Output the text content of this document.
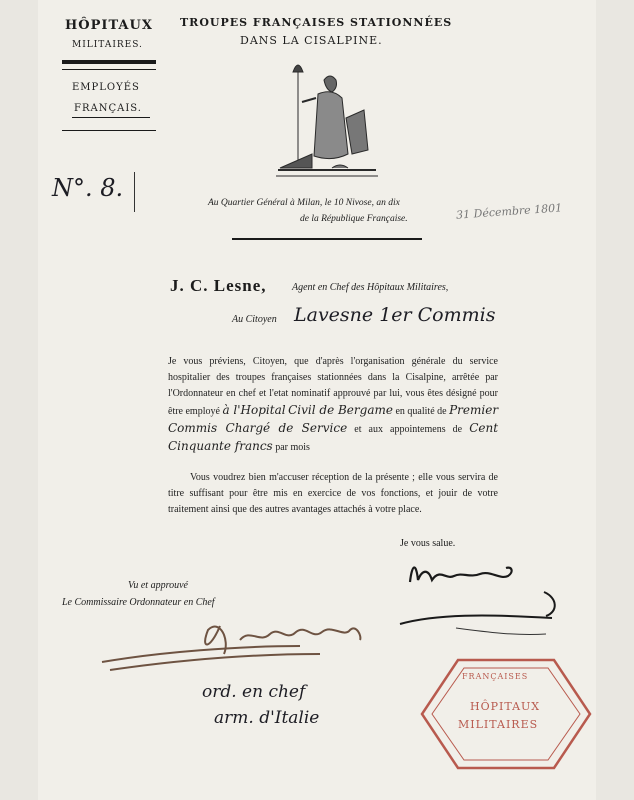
HÔPITAUX
MILITAIRES.
EMPLOYÉS
FRANÇAIS.
TROUPES FRANÇAISES STATIONNÉES
DANS LA CISALPINE.
N°. 8.
Au Quartier Général à Milan, le 10 Nivose, an dix
de la République Française.	31 Décembre 1801
J. C. Lesne,	Agent en Chef des Hôpitaux Militaires,
Au Citoyen Lavesne 1er Commis

Je vous préviens, Citoyen, que d'après l'organisation générale du service hospitalier des troupes françaises stationnées dans la Cisalpine, arrêtée par l'Ordonnateur en chef et l'etat nominatif approuvé par lui, vous êtes désigné pour être employé à l'Hopital Civil de Bergame en qualité de Premier Commis Chargé de Service et aux appointemens de Cent Cinquante francs par mois

Vous voudrez bien m'accuser réception de la présente ; elle vous servira de titre suffisant pour être mis en exercice de vos fonctions, et jouir de votre traitement ainsi que des autres avantages attachés à votre place.

Je vous salue.
Vu et approuvé
Le Commissaire Ordonnateur en Chef
ord. en chef
arm. d'Italie
FRANÇAISES
HÔPITAUX
MILITAIRES
